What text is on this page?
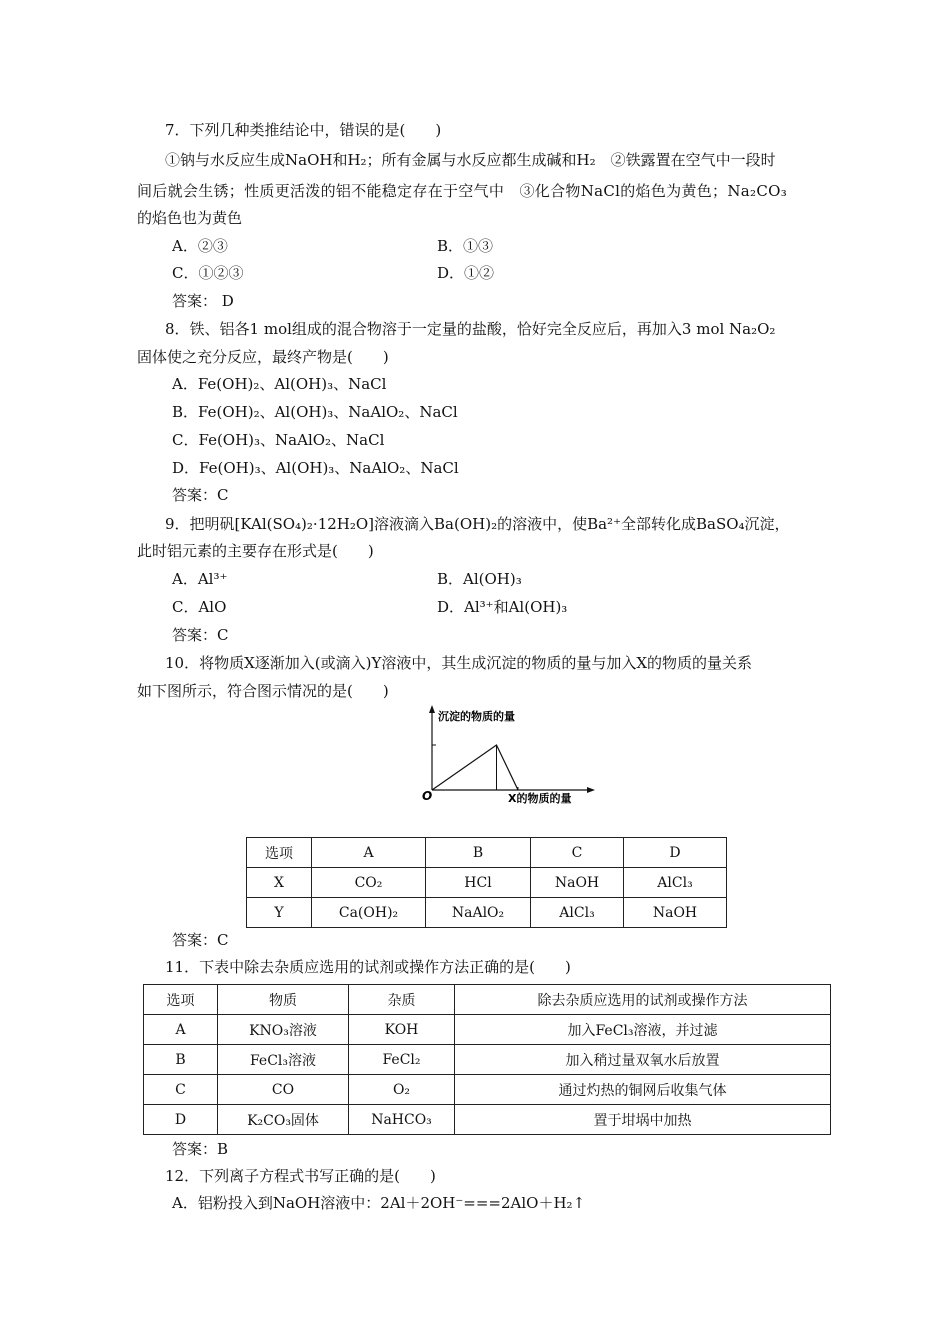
7．下列几种类推结论中，错误的是(　　)
①钠与水反应生成NaOH和H₂；所有金属与水反应都生成碱和H₂　②铁露置在空气中一段时
间后就会生锈；性质更活泼的铝不能稳定存在于空气中　③化合物NaCl的焰色为黄色；Na₂CO₃
的焰色也为黄色
A．②③	B．①③
C．①②③	D．①②
答案： D
8．铁、铝各1 mol组成的混合物溶于一定量的盐酸，恰好完全反应后，再加入3 mol Na₂O₂
固体使之充分反应，最终产物是(　　)
A．Fe(OH)₂、Al(OH)₃、NaCl
B．Fe(OH)₂、Al(OH)₃、NaAlO₂、NaCl
C．Fe(OH)₃、NaAlO₂、NaCl
D．Fe(OH)₃、Al(OH)₃、NaAlO₂、NaCl
答案：C
9．把明矾[KAl(SO₄)₂·12H₂O]溶液滴入Ba(OH)₂的溶液中，使Ba²⁺全部转化成BaSO₄沉淀，
此时铝元素的主要存在形式是(　　)
A．Al³⁺	B．Al(OH)₃
C．AlO	D．Al³⁺和Al(OH)₃
答案：C
10．将物质X逐渐加入(或滴入)Y溶液中，其生成沉淀的物质的量与加入X的物质的量关系
如下图所示，符合图示情况的是(　　)
沉淀的物质的量
X的物质的量
O
选项	A	B	C	D
X	CO₂	HCl	NaOH	AlCl₃
Y	Ca(OH)₂	NaAlO₂	AlCl₃	NaOH
答案：C
11．下表中除去杂质应选用的试剂或操作方法正确的是(　　)
选项	物质	杂质	除去杂质应选用的试剂或操作方法
A	KNO₃溶液	KOH	加入FeCl₃溶液，并过滤
B	FeCl₃溶液	FeCl₂	加入稍过量双氧水后放置
C	CO	O₂	通过灼热的铜网后收集气体
D	K₂CO₃固体	NaHCO₃	置于坩埚中加热
答案：B
12．下列离子方程式书写正确的是(　　)
A．铝粉投入到NaOH溶液中：2Al＋2OH⁻===2AlO＋H₂↑
